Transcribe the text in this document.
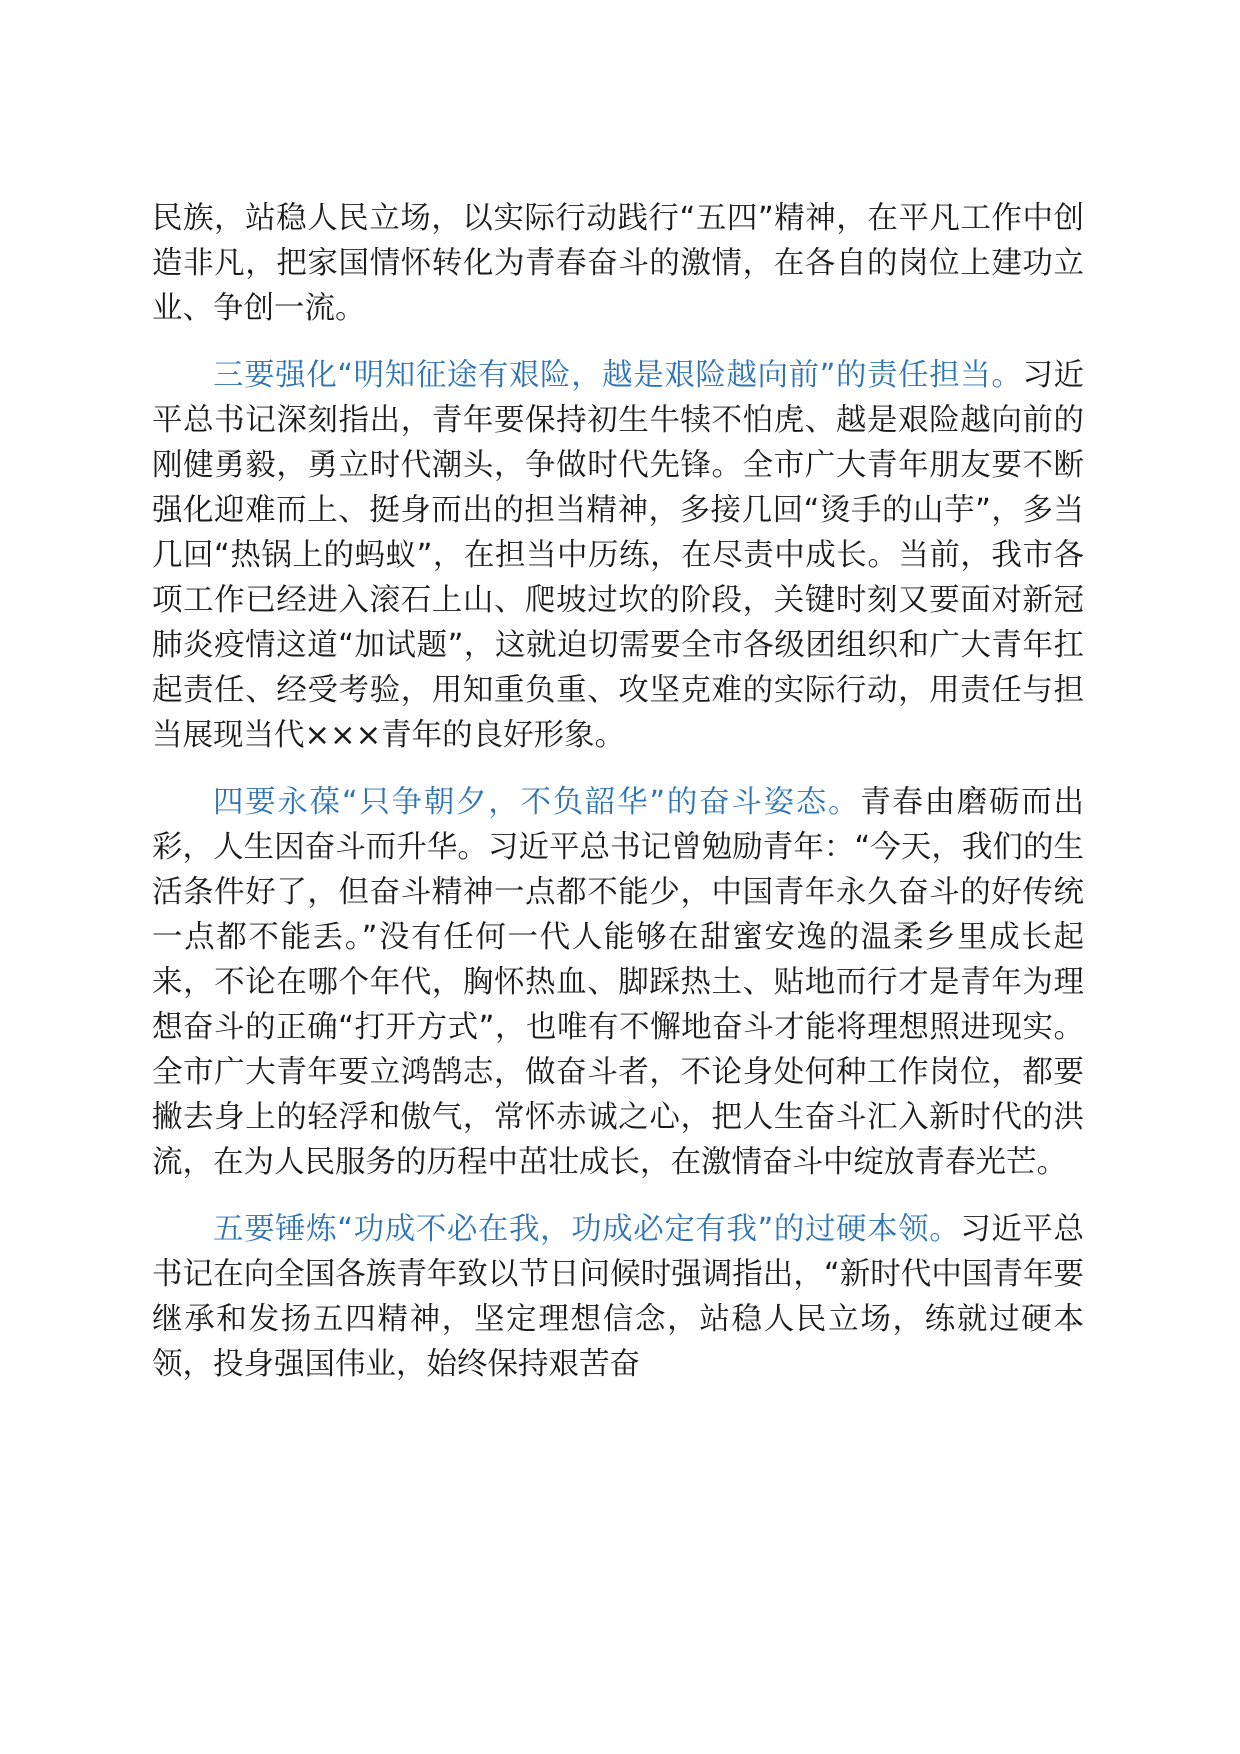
民族，站稳人民立场，以实际行动践行“五四”精神，在平凡工作中创造非凡，把家国情怀转化为青春奋斗的激情，在各自的岗位上建功立业、争创一流。

三要强化“明知征途有艰险，越是艰险越向前”的责任担当。习近平总书记深刻指出，青年要保持初生牛犊不怕虎、越是艰险越向前的刚健勇毅，勇立时代潮头，争做时代先锋。全市广大青年朋友要不断强化迎难而上、挺身而出的担当精神，多接几回“烫手的山芋”，多当几回“热锅上的蚂蚁”，在担当中历练，在尽责中成长。当前，我市各项工作已经进入滚石上山、爬坡过坎的阶段，关键时刻又要面对新冠肺炎疫情这道“加试题”，这就迫切需要全市各级团组织和广大青年扛起责任、经受考验，用知重负重、攻坚克难的实际行动，用责任与担当展现当代×××青年的良好形象。

四要永葆“只争朝夕，不负韶华”的奋斗姿态。青春由磨砺而出彩，人生因奋斗而升华。习近平总书记曾勉励青年：“今天，我们的生活条件好了，但奋斗精神一点都不能少，中国青年永久奋斗的好传统一点都不能丢。”没有任何一代人能够在甜蜜安逸的温柔乡里成长起来，不论在哪个年代，胸怀热血、脚踩热土、贴地而行才是青年为理想奋斗的正确“打开方式”，也唯有不懈地奋斗才能将理想照进现实。全市广大青年要立鸿鹄志，做奋斗者，不论身处何种工作岗位，都要撇去身上的轻浮和傲气，常怀赤诚之心，把人生奋斗汇入新时代的洪流，在为人民服务的历程中茁壮成长，在激情奋斗中绽放青春光芒。

五要锤炼“功成不必在我，功成必定有我”的过硬本领。习近平总书记在向全国各族青年致以节日问候时强调指出，“新时代中国青年要继承和发扬五四精神，坚定理想信念，站稳人民立场，练就过硬本领，投身强国伟业，始终保持艰苦奋
